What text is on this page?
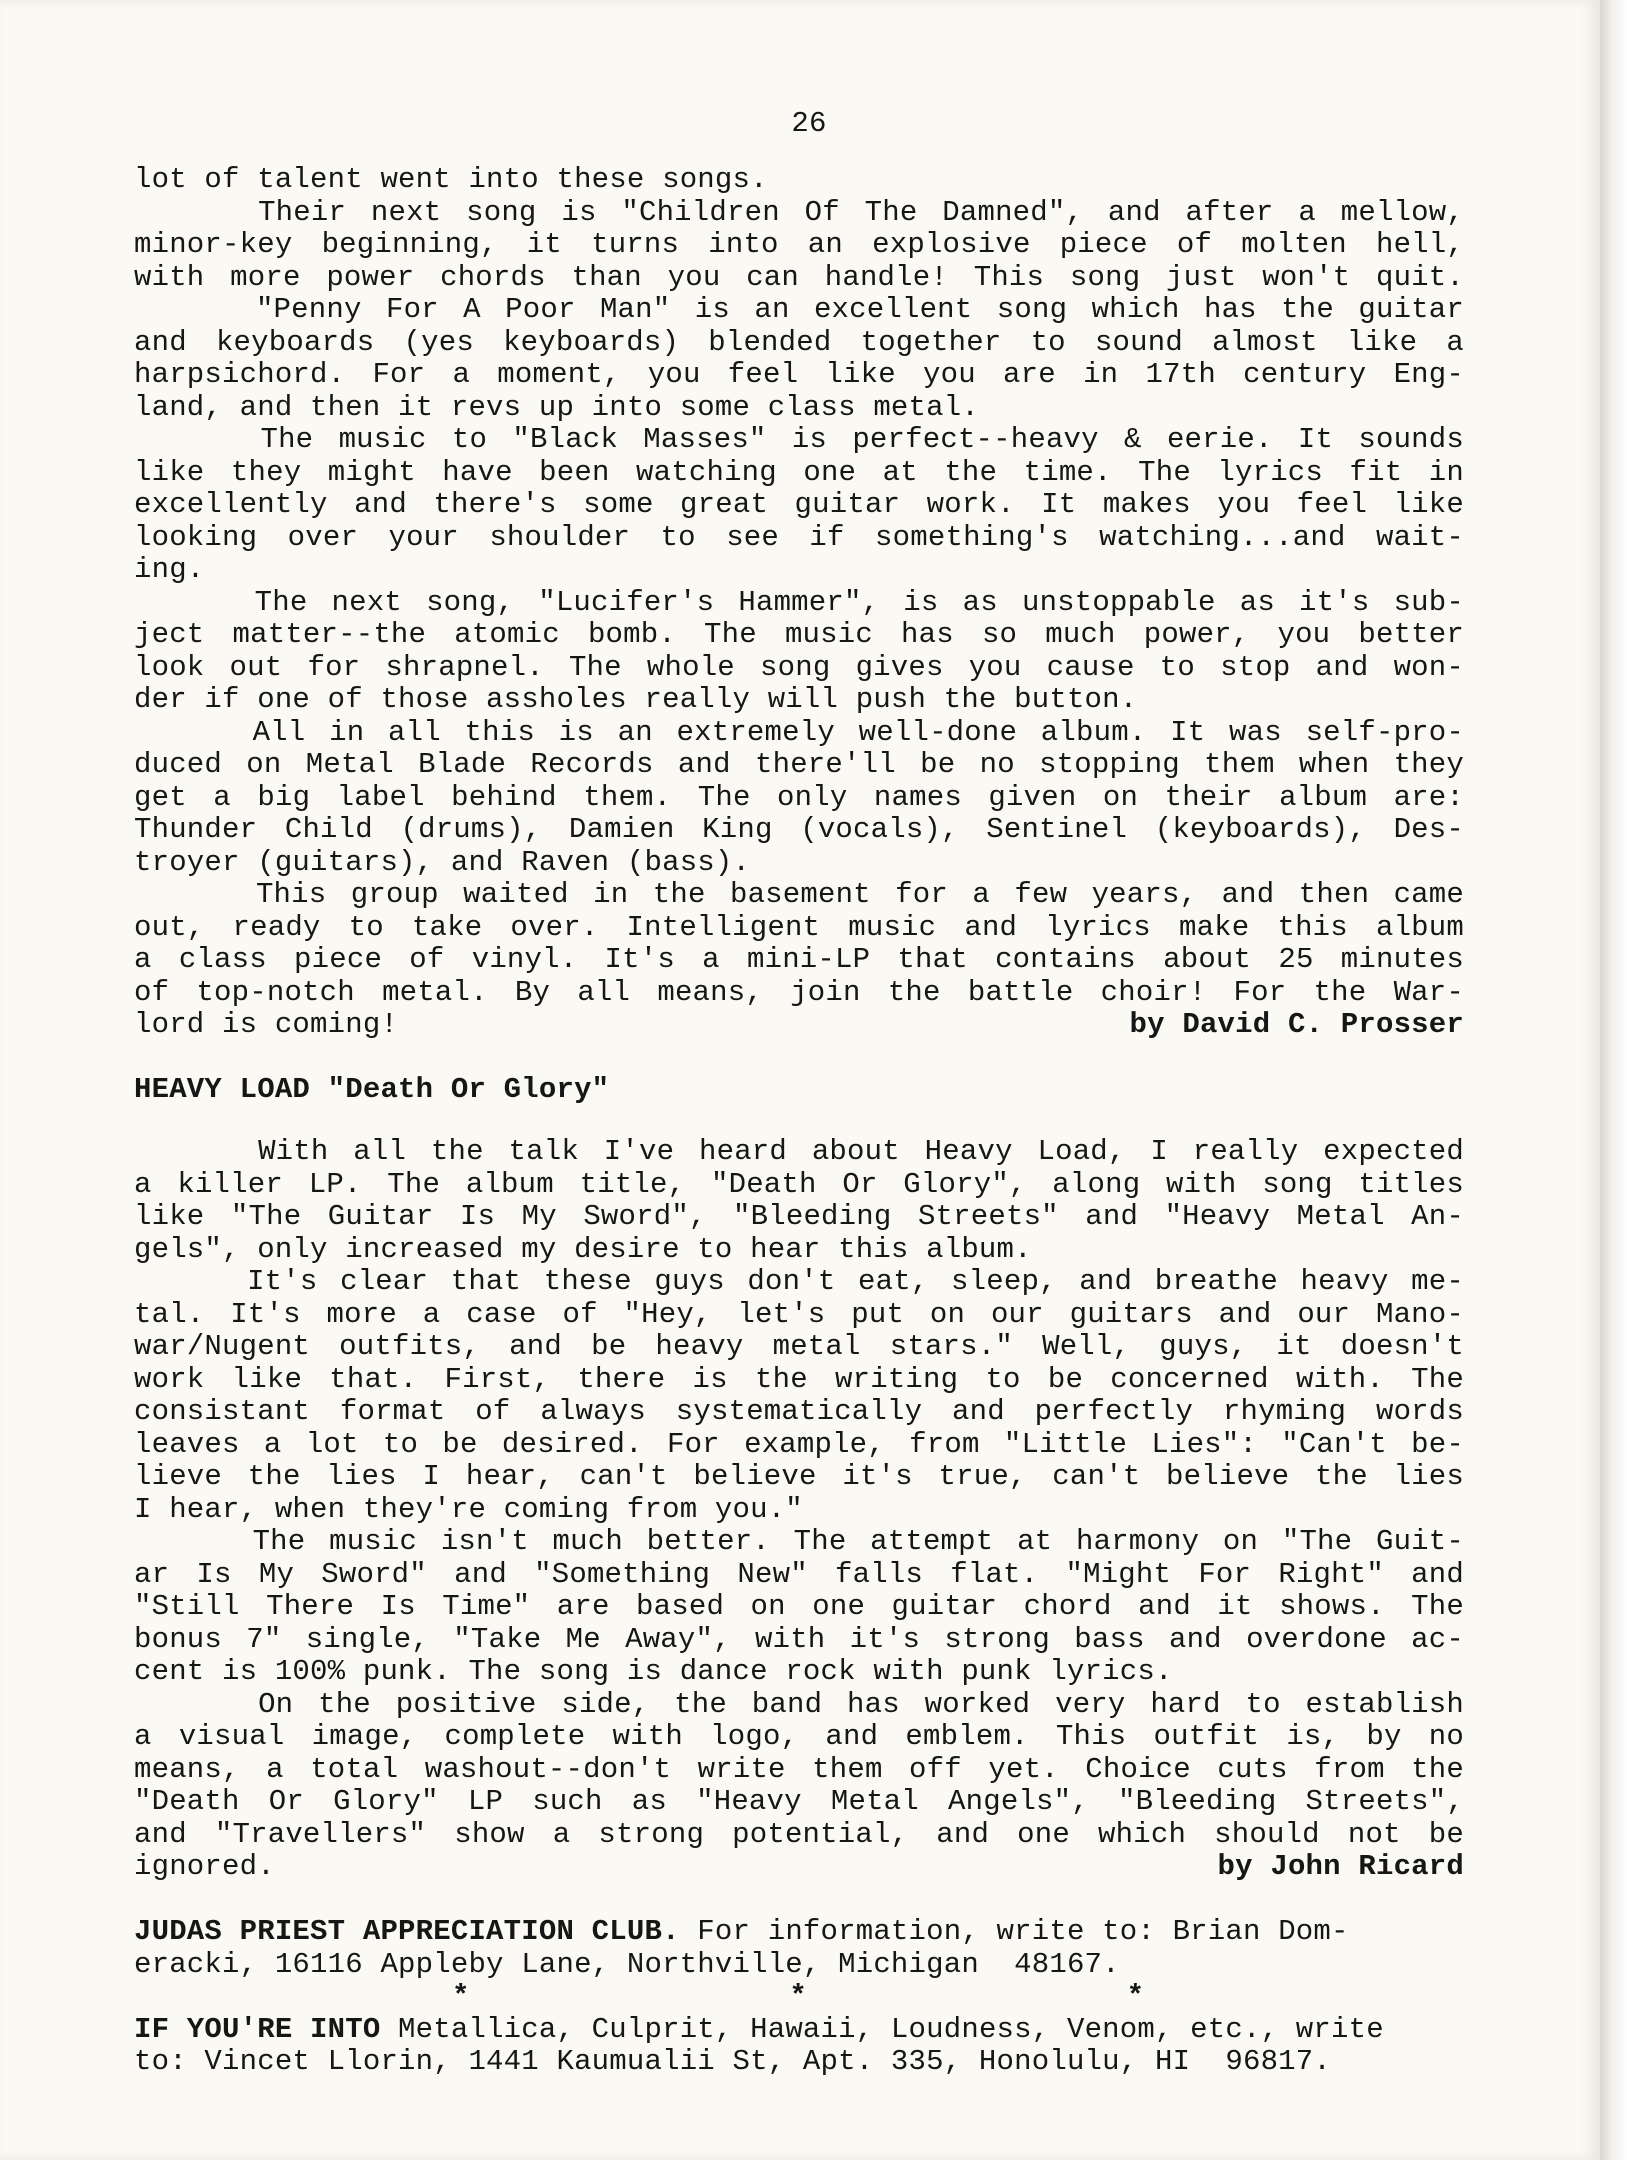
26
lot of talent went into these songs.
Their next song is "Children Of The Damned", and after a mellow,
minor-key beginning, it turns into an explosive piece of molten hell,
with more power chords than you can handle! This song just won't quit.
"Penny For A Poor Man" is an excellent song which has the guitar
and keyboards (yes keyboards) blended together to sound almost like a
harpsichord. For a moment, you feel like you are in 17th century Eng-
land, and then it revs up into some class metal.
The music to "Black Masses" is perfect--heavy & eerie. It sounds
like they might have been watching one at the time. The lyrics fit in
excellently and there's some great guitar work. It makes you feel like
looking over your shoulder to see if something's watching...and wait-
ing.
The next song, "Lucifer's Hammer", is as unstoppable as it's sub-
ject matter--the atomic bomb. The music has so much power, you better
look out for shrapnel. The whole song gives you cause to stop and won-
der if one of those assholes really will push the button.
All in all this is an extremely well-done album. It was self-pro-
duced on Metal Blade Records and there'll be no stopping them when they
get a big label behind them. The only names given on their album are:
Thunder Child (drums), Damien King (vocals), Sentinel (keyboards), Des-
troyer (guitars), and Raven (bass).
This group waited in the basement for a few years, and then came
out, ready to take over. Intelligent music and lyrics make this album
a class piece of vinyl. It's a mini-LP that contains about 25 minutes
of top-notch metal. By all means, join the battle choir! For the War-
lord is coming!	by David C. Prosser
HEAVY LOAD "Death Or Glory"
With all the talk I've heard about Heavy Load, I really expected
a killer LP. The album title, "Death Or Glory", along with song titles
like "The Guitar Is My Sword", "Bleeding Streets" and "Heavy Metal An-
gels", only increased my desire to hear this album.
It's clear that these guys don't eat, sleep, and breathe heavy me-
tal. It's more a case of "Hey, let's put on our guitars and our Mano-
war/Nugent outfits, and be heavy metal stars." Well, guys, it doesn't
work like that. First, there is the writing to be concerned with. The
consistant format of always systematically and perfectly rhyming words
leaves a lot to be desired. For example, from "Little Lies": "Can't be-
lieve the lies I hear, can't believe it's true, can't believe the lies
I hear, when they're coming from you."
The music isn't much better. The attempt at harmony on "The Guit-
ar Is My Sword" and "Something New" falls flat. "Might For Right" and
"Still There Is Time" are based on one guitar chord and it shows. The
bonus 7" single, "Take Me Away", with it's strong bass and overdone ac-
cent is 100% punk. The song is dance rock with punk lyrics.
On the positive side, the band has worked very hard to establish
a visual image, complete with logo, and emblem. This outfit is, by no
means, a total washout--don't write them off yet. Choice cuts from the
"Death Or Glory" LP such as "Heavy Metal Angels", "Bleeding Streets",
and "Travellers" show a strong potential, and one which should not be
ignored.	by John Ricard
JUDAS PRIEST APPRECIATION CLUB. For information, write to: Brian Dom-
eracki, 16116 Appleby Lane, Northville, Michigan  48167.
*	*	*
IF YOU'RE INTO Metallica, Culprit, Hawaii, Loudness, Venom, etc., write
to: Vincet Llorin, 1441 Kaumualii St, Apt. 335, Honolulu, HI  96817.
